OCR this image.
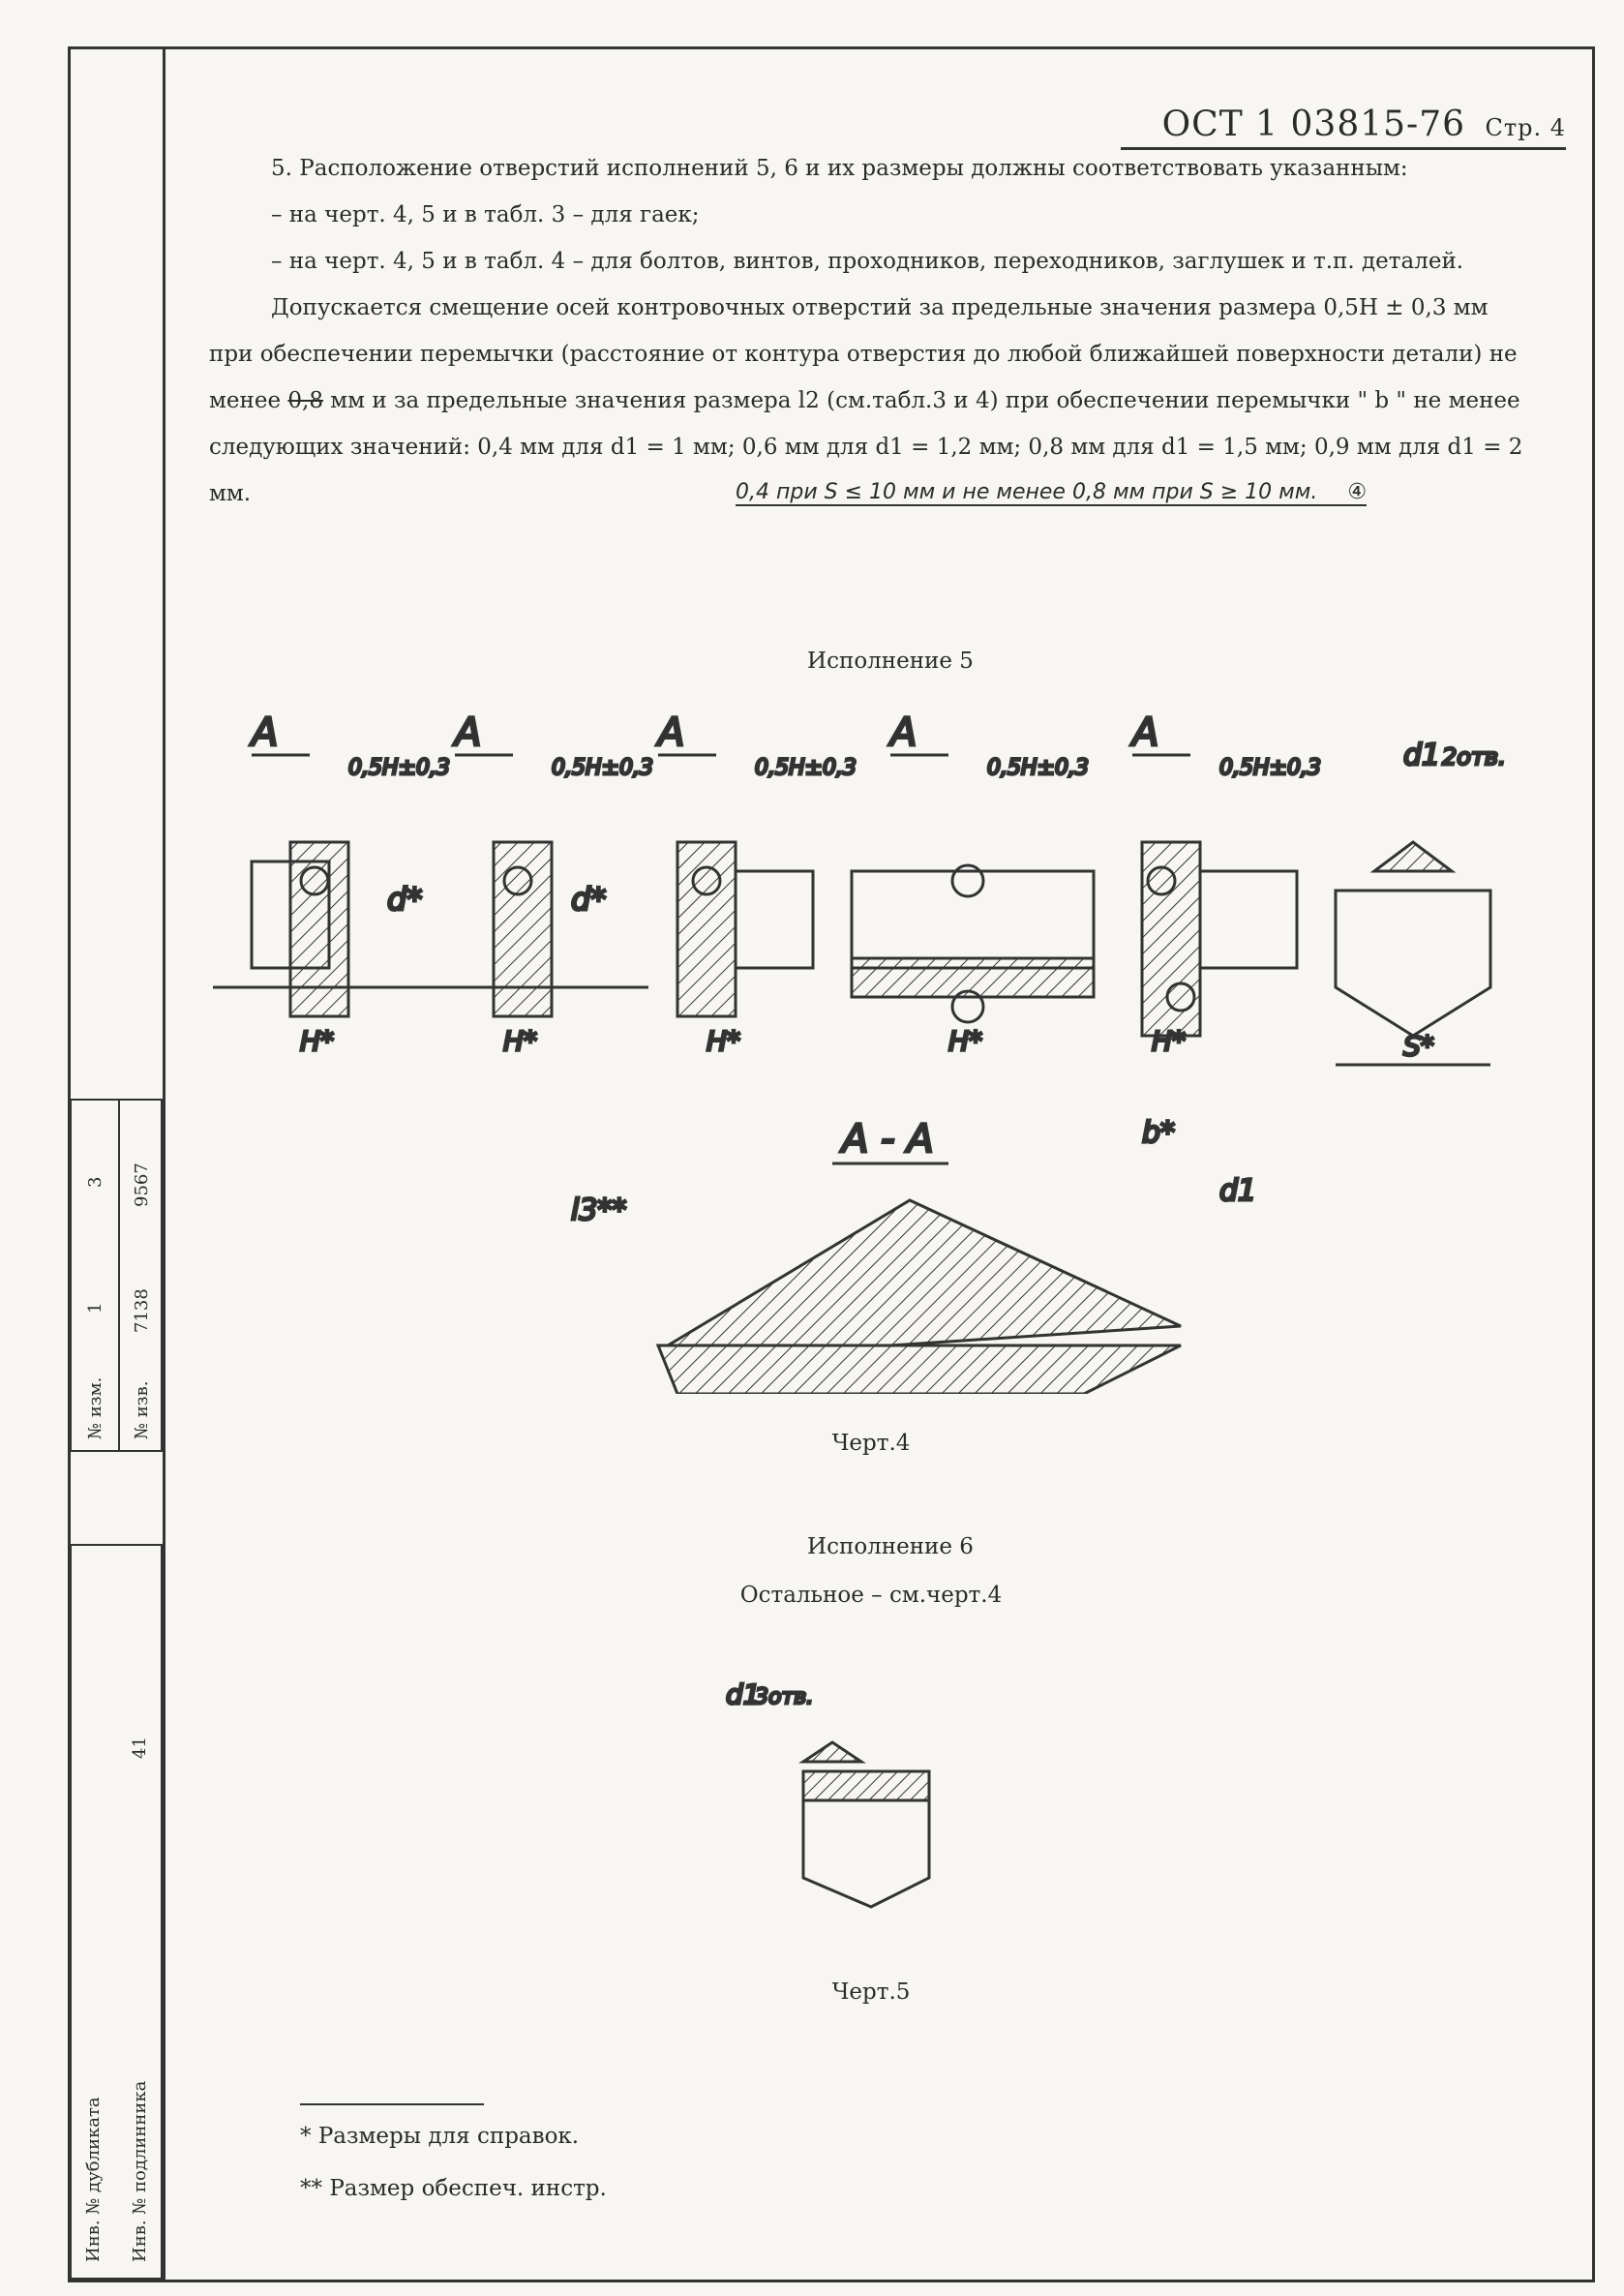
ОСТ 1 03815-76 Стр. 4

5. Расположение отверстий исполнений 5, 6 и их размеры должны соответствовать указанным:

– на черт. 4, 5 и в табл. 3 – для гаек;

– на черт. 4, 5 и в табл. 4 – для болтов, винтов, проходников, переходников, заглушек и т.п. деталей.

Допускается смещение осей контровочных отверстий за предельные значения размера 0,5H ± 0,3 мм при обеспечении перемычки (расстояние от контура отверстия до любой ближайшей поверхности детали) не менее 0,8 мм и за предельные значения размера l2 (см.табл.3 и 4) при обеспечении перемычки " b " не менее следующих значений: 0,4 мм для d1 = 1 мм; 0,6 мм для d1 = 1,2 мм; 0,8 мм для d1 = 1,5 мм; 0,9 мм для d1 = 2 мм.	0,4 при S ≤ 10 мм и не менее 0,8 мм при S ≥ 10 мм. ④
Исполнение 5
А
0,5H±0,3
H*
d*
А
0,5H±0,3
H*
d*
А
0,5H±0,3
H*
А
0,5H±0,3
H*
А
0,5H±0,3
H*
d1 2отв.
S*
А - А
l3**
b*
d1
Черт.4
Исполнение 6
Остальное – см.черт.4
d1
3отв.
Черт.5
* Размеры для справок.
** Размер обеспеч. инстр.
№ изм. № изв.
1 7138
3 9567
Инв. № дубликата Инв. № подлинника
41
